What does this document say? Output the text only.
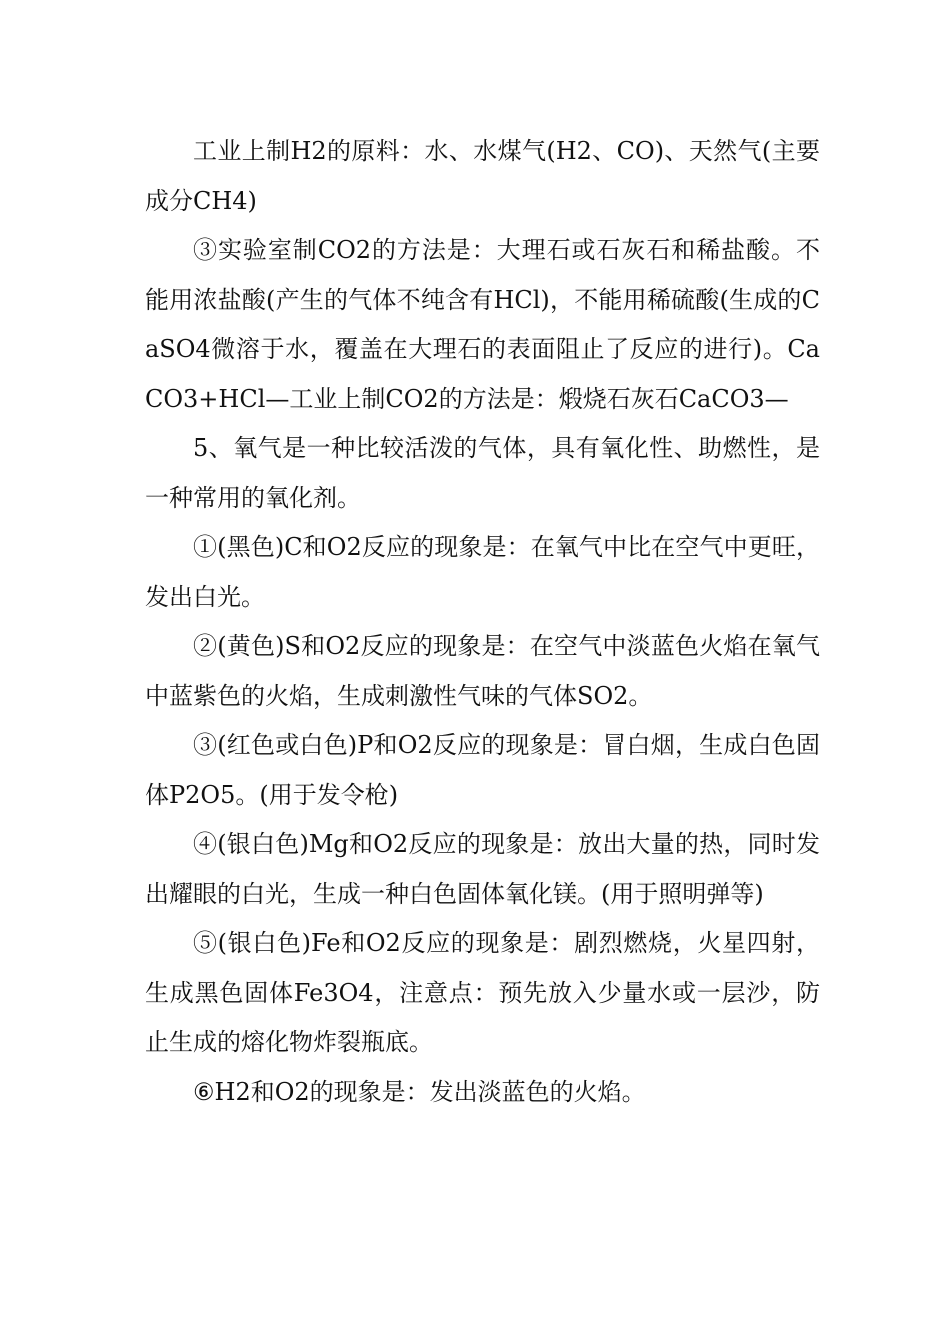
工业上制H2的原料：水、水煤气(H2、CO)、天然气(主要成分CH4)

③实验室制CO2的方法是：大理石或石灰石和稀盐酸。不能用浓盐酸(产生的气体不纯含有HCl)，不能用稀硫酸(生成的CaSO4微溶于水，覆盖在大理石的表面阻止了反应的进行)。CaCO3+HCl—工业上制CO2的方法是：煅烧石灰石CaCO3—

5、氧气是一种比较活泼的气体，具有氧化性、助燃性，是一种常用的氧化剂。

①(黑色)C和O2反应的现象是：在氧气中比在空气中更旺，发出白光。

②(黄色)S和O2反应的现象是：在空气中淡蓝色火焰在氧气中蓝紫色的火焰，生成刺激性气味的气体SO2。

③(红色或白色)P和O2反应的现象是：冒白烟，生成白色固体P2O5。(用于发令枪)

④(银白色)Mg和O2反应的现象是：放出大量的热，同时发出耀眼的白光，生成一种白色固体氧化镁。(用于照明弹等)

⑤(银白色)Fe和O2反应的现象是：剧烈燃烧，火星四射，生成黑色固体Fe3O4，注意点：预先放入少量水或一层沙，防止生成的熔化物炸裂瓶底。

⑥H2和O2的现象是：发出淡蓝色的火焰。
